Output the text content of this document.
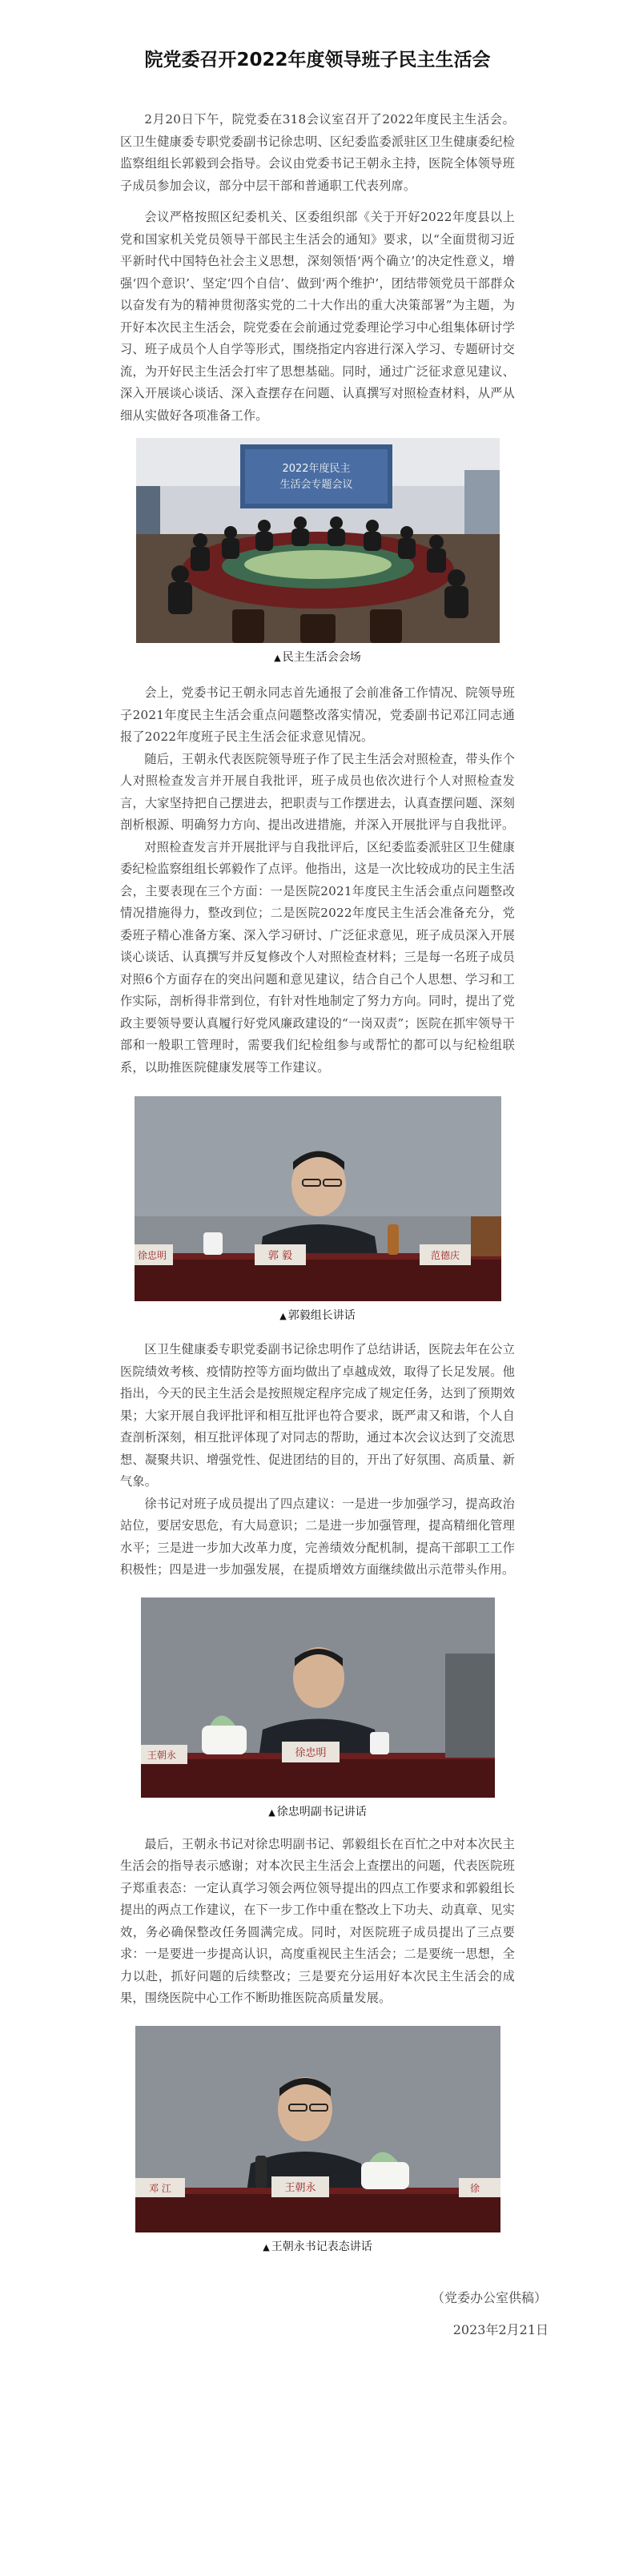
院党委召开2022年度领导班子民主生活会

2月20日下午，院党委在318会议室召开了2022年度民主生活会。区卫生健康委专职党委副书记徐忠明、区纪委监委派驻区卫生健康委纪检监察组组长郭毅到会指导。会议由党委书记王朝永主持，医院全体领导班子成员参加会议，部分中层干部和普通职工代表列席。

会议严格按照区纪委机关、区委组织部《关于开好2022年度县以上党和国家机关党员领导干部民主生活会的通知》要求，以“全面贯彻习近平新时代中国特色社会主义思想，深刻领悟‘两个确立’的决定性意义，增强‘四个意识’、坚定‘四个自信’、做到‘两个维护’，团结带领党员干部群众以奋发有为的精神贯彻落实党的二十大作出的重大决策部署”为主题，为开好本次民主生活会，院党委在会前通过党委理论学习中心组集体研讨学习、班子成员个人自学等形式，围绕指定内容进行深入学习、专题研讨交流，为开好民主生活会打牢了思想基础。同时，通过广泛征求意见建议、深入开展谈心谈话、深入查摆存在问题、认真撰写对照检查材料，从严从细从实做好各项准备工作。

2022年度民主
生活会专题会议
▲ 民主生活会会场

会上，党委书记王朝永同志首先通报了会前准备工作情况、院领导班子2021年度民主生活会重点问题整改落实情况，党委副书记邓江同志通报了2022年度班子民主生活会征求意见情况。

随后，王朝永代表医院领导班子作了民主生活会对照检查，带头作个人对照检查发言并开展自我批评，班子成员也依次进行个人对照检查发言，大家坚持把自己摆进去，把职责与工作摆进去，认真查摆问题、深刻剖析根源、明确努力方向、提出改进措施，并深入开展批评与自我批评。

对照检查发言并开展批评与自我批评后，区纪委监委派驻区卫生健康委纪检监察组组长郭毅作了点评。他指出，这是一次比较成功的民主生活会，主要表现在三个方面：一是医院2021年度民主生活会重点问题整改情况措施得力，整改到位；二是医院2022年度民主生活会准备充分，党委班子精心准备方案、深入学习研讨、广泛征求意见，班子成员深入开展谈心谈话、认真撰写并反复修改个人对照检查材料；三是每一名班子成员对照6个方面存在的突出问题和意见建议，结合自己个人思想、学习和工作实际，剖析得非常到位，有针对性地制定了努力方向。同时，提出了党政主要领导要认真履行好党风廉政建设的“一岗双责”；医院在抓牢领导干部和一般职工管理时，需要我们纪检组参与或帮忙的都可以与纪检组联系，以助推医院健康发展等工作建议。

郭 毅
徐忠明	范德庆
▲ 郭毅组长讲话

区卫生健康委专职党委副书记徐忠明作了总结讲话，医院去年在公立医院绩效考核、疫情防控等方面均做出了卓越成效，取得了长足发展。他指出，今天的民主生活会是按照规定程序完成了规定任务，达到了预期效果；大家开展自我评批评和相互批评也符合要求，既严肃又和谐，个人自查剖析深刻，相互批评体现了对同志的帮助，通过本次会议达到了交流思想、凝聚共识、增强党性、促进团结的目的，开出了好氛围、高质量、新气象。

徐书记对班子成员提出了四点建议：一是进一步加强学习，提高政治站位，要居安思危，有大局意识；二是进一步加强管理，提高精细化管理水平；三是进一步加大改革力度，完善绩效分配机制，提高干部职工工作积极性；四是进一步加强发展，在提质增效方面继续做出示范带头作用。

徐忠明
王朝永
▲ 徐忠明副书记讲话

最后，王朝永书记对徐忠明副书记、郭毅组长在百忙之中对本次民主生活会的指导表示感谢；对本次民主生活会上查摆出的问题，代表医院班子郑重表态：一定认真学习领会两位领导提出的四点工作要求和郭毅组长提出的两点工作建议，在下一步工作中重在整改上下功夫、动真章、见实效，务必确保整改任务圆满完成。同时，对医院班子成员提出了三点要求：一是要进一步提高认识，高度重视民主生活会；二是要统一思想，全力以赴，抓好问题的后续整改；三是要充分运用好本次民主生活会的成果，围绕医院中心工作不断助推医院高质量发展。

王朝永
邓 江	徐
▲ 王朝永书记表态讲话
（党委办公室供稿）
2023年2月21日
